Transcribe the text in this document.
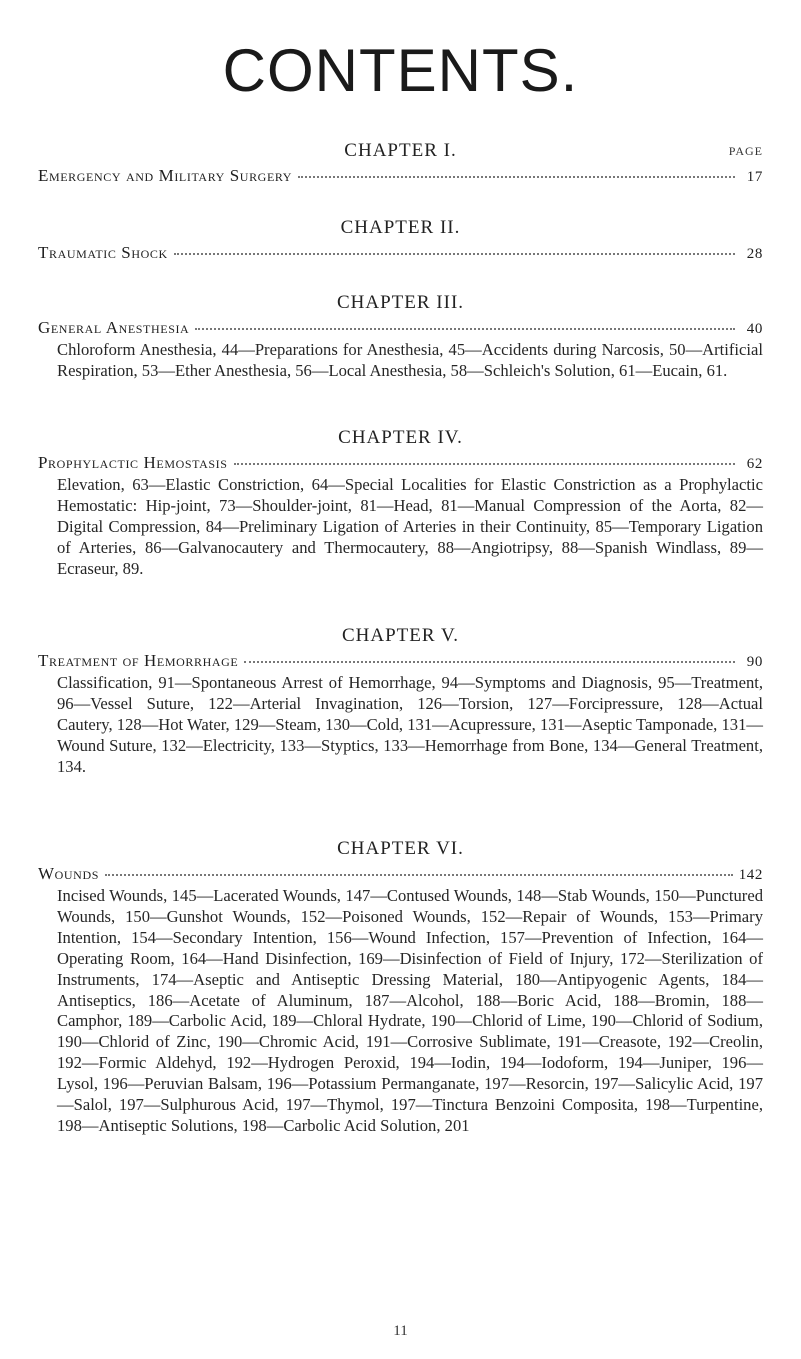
CONTENTS.
PAGE
CHAPTER I.
Emergency and Military Surgery	17
CHAPTER II.
Traumatic Shock	28
CHAPTER III.
General Anesthesia	40

Chloroform Anesthesia, 44—Preparations for Anesthesia, 45—Accidents during Narcosis, 50—Artificial Respiration, 53—Ether Anesthesia, 56—Local Anesthesia, 58—Schleich's Solution, 61—Eucain, 61.

CHAPTER IV.
Prophylactic Hemostasis	62

Elevation, 63—Elastic Constriction, 64—Special Localities for Elastic Constriction as a Prophylactic Hemostatic: Hip-joint, 73—Shoulder-joint, 81—Head, 81—Manual Compression of the Aorta, 82—Digital Compression, 84—Preliminary Ligation of Arteries in their Continuity, 85—Temporary Ligation of Arteries, 86—Galvanocautery and Thermocautery, 88—Angiotripsy, 88—Spanish Windlass, 89—Ecraseur, 89.

CHAPTER V.
Treatment of Hemorrhage	90

Classification, 91—Spontaneous Arrest of Hemorrhage, 94—Symptoms and Diagnosis, 95—Treatment, 96—Vessel Suture, 122—Arterial Invagination, 126—Torsion, 127—Forcipressure, 128—Actual Cautery, 128—Hot Water, 129—Steam, 130—Cold, 131—Acupressure, 131—Aseptic Tamponade, 131—Wound Suture, 132—Electricity, 133—Styptics, 133—Hemorrhage from Bone, 134—General Treatment, 134.

CHAPTER VI.
Wounds	142

Incised Wounds, 145—Lacerated Wounds, 147—Contused Wounds, 148—Stab Wounds, 150—Punctured Wounds, 150—Gunshot Wounds, 152—Poisoned Wounds, 152—Repair of Wounds, 153—Primary Intention, 154—Secondary Intention, 156—Wound Infection, 157—Prevention of Infection, 164—Operating Room, 164—Hand Disinfection, 169—Disinfection of Field of Injury, 172—Sterilization of Instruments, 174—Aseptic and Antiseptic Dressing Material, 180—Antipyogenic Agents, 184—Antiseptics, 186—Acetate of Aluminum, 187—Alcohol, 188—Boric Acid, 188—Bromin, 188—Camphor, 189—Carbolic Acid, 189—Chloral Hydrate, 190—Chlorid of Lime, 190—Chlorid of Sodium, 190—Chlorid of Zinc, 190—Chromic Acid, 191—Corrosive Sublimate, 191—Creasote, 192—Creolin, 192—Formic Aldehyd, 192—Hydrogen Peroxid, 194—Iodin, 194—Iodoform, 194—Juniper, 196—Lysol, 196—Peruvian Balsam, 196—Potassium Permanganate, 197—Resorcin, 197—Salicylic Acid, 197—Salol, 197—Sulphurous Acid, 197—Thymol, 197—Tinctura Benzoini Composita, 198—Turpentine, 198—Antiseptic Solutions, 198—Carbolic Acid Solution, 201

11
